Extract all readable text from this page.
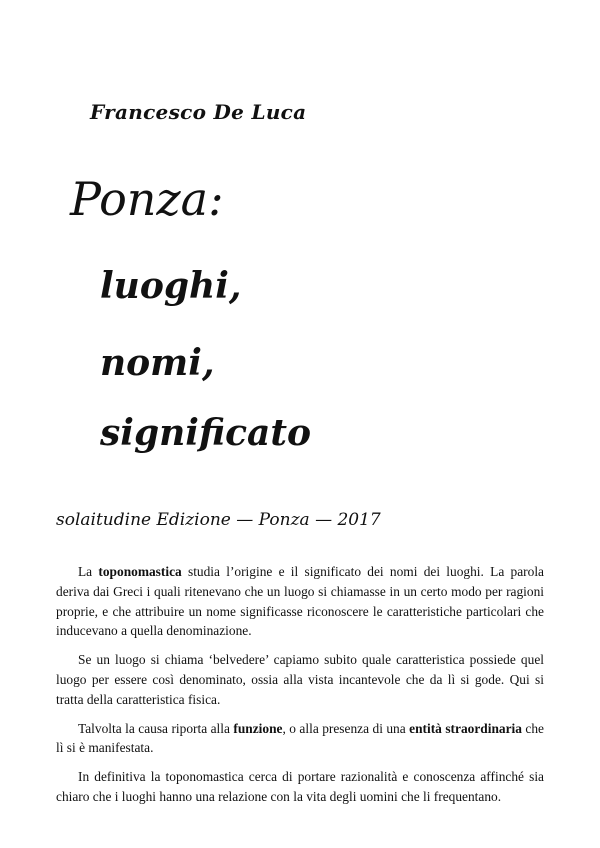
Francesco De Luca
Ponza:
luoghi,
nomi,
significato
solaitudine Edizione — Ponza — 2017

La toponomastica studia l’origine e il significato dei nomi dei luoghi. La parola deriva dai Greci i quali ritenevano che un luogo si chiamasse in un certo modo per ragioni proprie, e che attribuire un nome significasse riconoscere le caratteristiche particolari che inducevano a quella denominazione.

Se un luogo si chiama ‘belvedere’ capiamo subito quale caratteristica possiede quel luogo per essere così denominato, ossia alla vista incantevole che da lì si gode. Qui si tratta della caratteristica fisica.

Talvolta la causa riporta alla funzione, o alla presenza di una entità straordinaria che lì si è manifestata.

In definitiva la toponomastica cerca di portare razionalità e conoscenza affinché sia chiaro che i luoghi hanno una relazione con la vita degli uomini che li frequentano.
